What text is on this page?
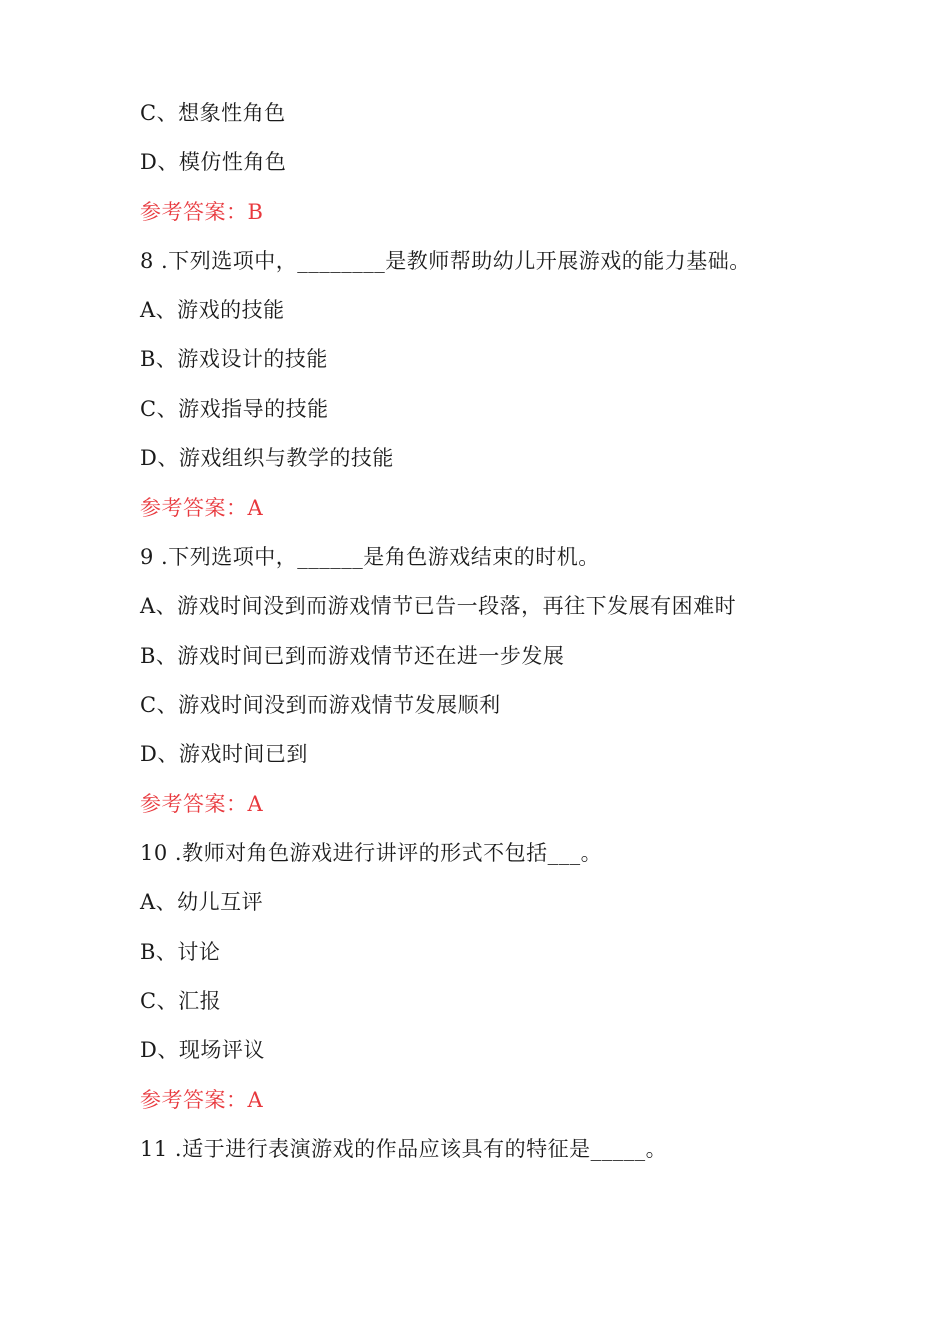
C、想象性角色
D、模仿性角色
参考答案：B
8 .下列选项中，________是教师帮助幼儿开展游戏的能力基础。
A、游戏的技能
B、游戏设计的技能
C、游戏指导的技能
D、游戏组织与教学的技能
参考答案：A
9 .下列选项中，______是角色游戏结束的时机。
A、游戏时间没到而游戏情节已告一段落，再往下发展有困难时
B、游戏时间已到而游戏情节还在进一步发展
C、游戏时间没到而游戏情节发展顺利
D、游戏时间已到
参考答案：A
10 .教师对角色游戏进行讲评的形式不包括___。
A、幼儿互评
B、讨论
C、汇报
D、现场评议
参考答案：A
11 .适于进行表演游戏的作品应该具有的特征是_____。
